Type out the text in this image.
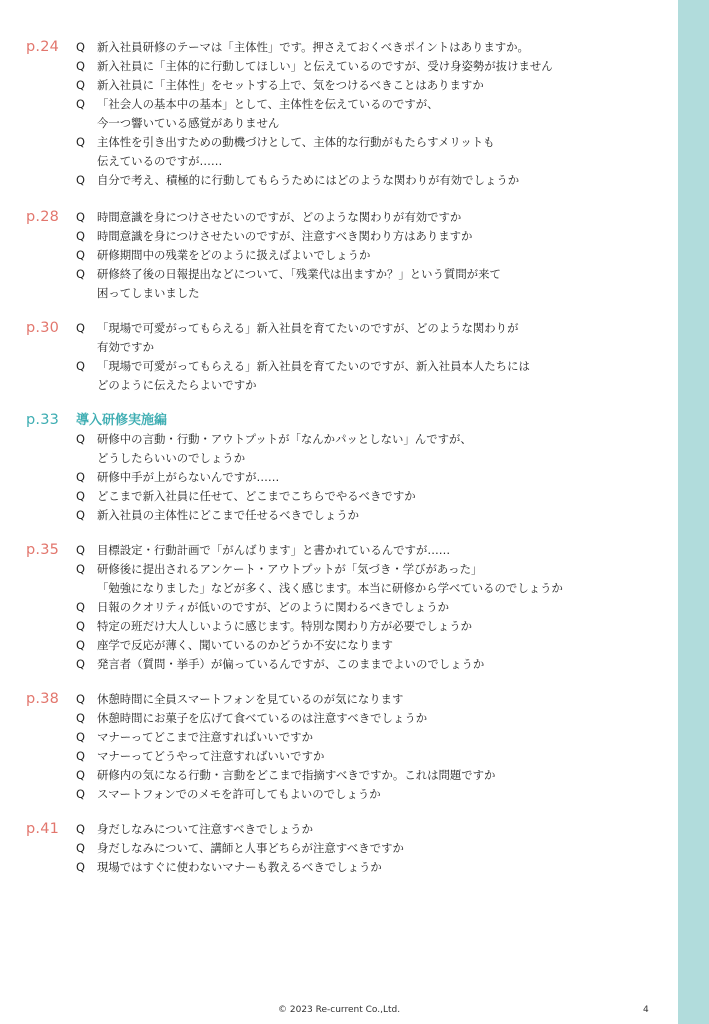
p.24	Q	新入社員研修のテーマは「主体性」です。押さえておくべきポイントはありますか。
Q	新入社員に「主体的に行動してほしい」と伝えているのですが、受け身姿勢が抜けません
Q	新入社員に「主体性」をセットする上で、気をつけるべきことはありますか
Q	「社会人の基本中の基本」として、主体性を伝えているのですが、
今一つ響いている感覚がありません
Q	主体性を引き出すための動機づけとして、主体的な行動がもたらすメリットも
伝えているのですが……
Q	自分で考え、積極的に行動してもらうためにはどのような関わりが有効でしょうか
p.28	Q	時間意識を身につけさせたいのですが、どのような関わりが有効ですか
Q	時間意識を身につけさせたいのですが、注意すべき関わり方はありますか
Q	研修期間中の残業をどのように扱えばよいでしょうか
Q	研修終了後の日報提出などについて、「残業代は出ますか？」という質問が来て
困ってしまいました
p.30	Q	「現場で可愛がってもらえる」新入社員を育てたいのですが、どのような関わりが
有効ですか
Q	「現場で可愛がってもらえる」新入社員を育てたいのですが、新入社員本人たちには
どのように伝えたらよいですか
p.33	導入研修実施編
Q	研修中の言動・行動・アウトプットが「なんかパッとしない」んですが、
どうしたらいいのでしょうか
Q	研修中手が上がらないんですが……
Q	どこまで新入社員に任せて、どこまでこちらでやるべきですか
Q	新入社員の主体性にどこまで任せるべきでしょうか
p.35	Q	目標設定・行動計画で「がんばります」と書かれているんですが……
Q	研修後に提出されるアンケート・アウトプットが「気づき・学びがあった」
「勉強になりました」などが多く、浅く感じます。本当に研修から学べているのでしょうか
Q	日報のクオリティが低いのですが、どのように関わるべきでしょうか
Q	特定の班だけ大人しいように感じます。特別な関わり方が必要でしょうか
Q	座学で反応が薄く、聞いているのかどうか不安になります
Q	発言者（質問・挙手）が偏っているんですが、このままでよいのでしょうか
p.38	Q	休憩時間に全員スマートフォンを見ているのが気になります
Q	休憩時間にお菓子を広げて食べているのは注意すべきでしょうか
Q	マナーってどこまで注意すればいいですか
Q	マナーってどうやって注意すればいいですか
Q	研修内の気になる行動・言動をどこまで指摘すべきですか。これは問題ですか
Q	スマートフォンでのメモを許可してもよいのでしょうか
p.41	Q	身だしなみについて注意すべきでしょうか
Q	身だしなみについて、講師と人事どちらが注意すべきですか
Q	現場ではすぐに使わないマナーも教えるべきでしょうか
© 2023 Re-current Co.,Ltd.	4
